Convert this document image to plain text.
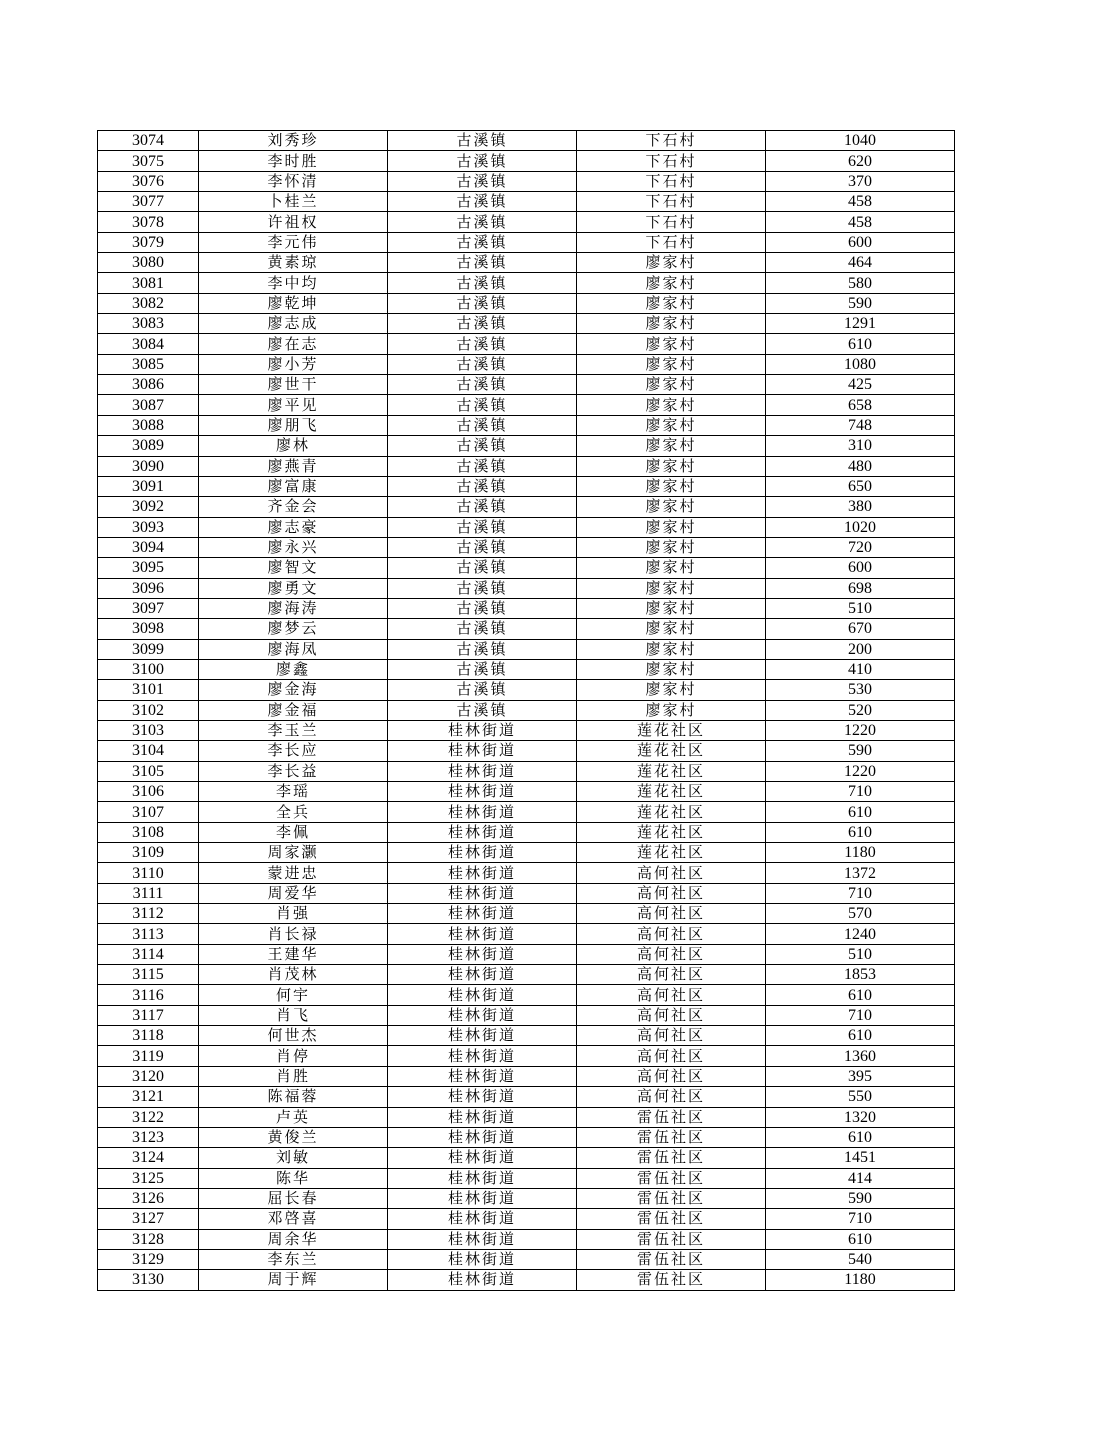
3074	刘秀珍	古溪镇	下石村	1040
3075	李时胜	古溪镇	下石村	620
3076	李怀清	古溪镇	下石村	370
3077	卜桂兰	古溪镇	下石村	458
3078	许祖权	古溪镇	下石村	458
3079	李元伟	古溪镇	下石村	600
3080	黄素琼	古溪镇	廖家村	464
3081	李中均	古溪镇	廖家村	580
3082	廖乾坤	古溪镇	廖家村	590
3083	廖志成	古溪镇	廖家村	1291
3084	廖在志	古溪镇	廖家村	610
3085	廖小芳	古溪镇	廖家村	1080
3086	廖世干	古溪镇	廖家村	425
3087	廖平见	古溪镇	廖家村	658
3088	廖朋飞	古溪镇	廖家村	748
3089	廖林	古溪镇	廖家村	310
3090	廖燕青	古溪镇	廖家村	480
3091	廖富康	古溪镇	廖家村	650
3092	齐金会	古溪镇	廖家村	380
3093	廖志豪	古溪镇	廖家村	1020
3094	廖永兴	古溪镇	廖家村	720
3095	廖智文	古溪镇	廖家村	600
3096	廖勇文	古溪镇	廖家村	698
3097	廖海涛	古溪镇	廖家村	510
3098	廖梦云	古溪镇	廖家村	670
3099	廖海凤	古溪镇	廖家村	200
3100	廖鑫	古溪镇	廖家村	410
3101	廖金海	古溪镇	廖家村	530
3102	廖金福	古溪镇	廖家村	520
3103	李玉兰	桂林街道	莲花社区	1220
3104	李长应	桂林街道	莲花社区	590
3105	李长益	桂林街道	莲花社区	1220
3106	李瑶	桂林街道	莲花社区	710
3107	全兵	桂林街道	莲花社区	610
3108	李佩	桂林街道	莲花社区	610
3109	周家灏	桂林街道	莲花社区	1180
3110	蒙进忠	桂林街道	高何社区	1372
3111	周爱华	桂林街道	高何社区	710
3112	肖强	桂林街道	高何社区	570
3113	肖长禄	桂林街道	高何社区	1240
3114	王建华	桂林街道	高何社区	510
3115	肖茂林	桂林街道	高何社区	1853
3116	何宇	桂林街道	高何社区	610
3117	肖飞	桂林街道	高何社区	710
3118	何世杰	桂林街道	高何社区	610
3119	肖停	桂林街道	高何社区	1360
3120	肖胜	桂林街道	高何社区	395
3121	陈福蓉	桂林街道	高何社区	550
3122	卢英	桂林街道	雷伍社区	1320
3123	黄俊兰	桂林街道	雷伍社区	610
3124	刘敏	桂林街道	雷伍社区	1451
3125	陈华	桂林街道	雷伍社区	414
3126	屈长春	桂林街道	雷伍社区	590
3127	邓啓喜	桂林街道	雷伍社区	710
3128	周余华	桂林街道	雷伍社区	610
3129	李东兰	桂林街道	雷伍社区	540
3130	周于辉	桂林街道	雷伍社区	1180
